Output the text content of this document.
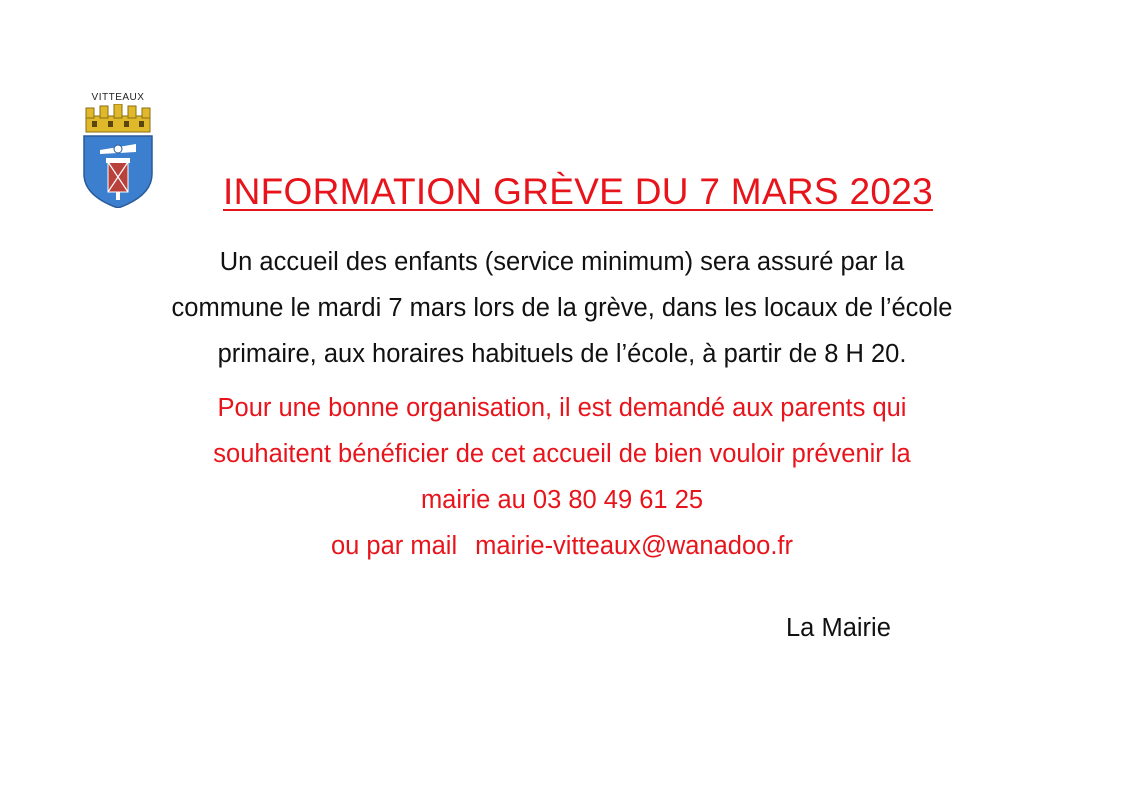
VITTEAUX
INFORMATION GRÈVE DU 7 MARS 2023
Un accueil des enfants (service minimum) sera assuré par la
commune le mardi 7 mars lors de la grève, dans les locaux de l’école
primaire, aux horaires habituels de l’école, à partir de 8 H 20.
Pour une bonne organisation, il est demandé aux parents qui
souhaitent bénéficier de cet accueil de bien vouloir prévenir la
mairie au 03 80 49 61 25
ou par mail mairie-vitteaux@wanadoo.fr
La Mairie
